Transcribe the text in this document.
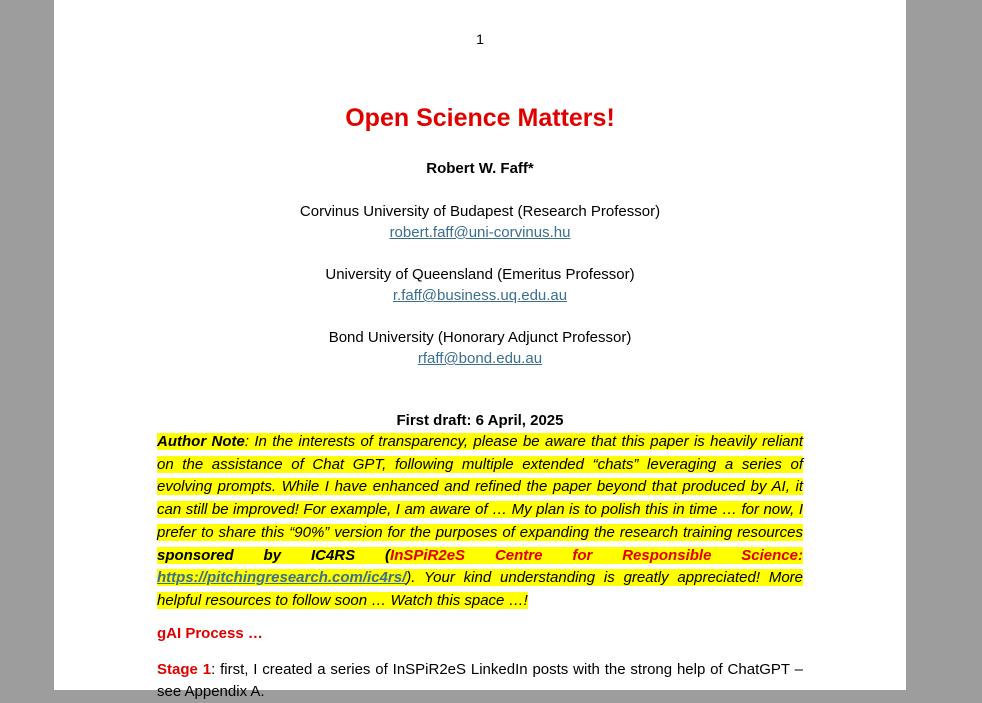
1
Open Science Matters!
Robert W. Faff*
Corvinus University of Budapest (Research Professor)
robert.faff@uni-corvinus.hu
University of Queensland (Emeritus Professor)
r.faff@business.uq.edu.au
Bond University (Honorary Adjunct Professor)
rfaff@bond.edu.au
First draft: 6 April, 2025
Author Note: In the interests of transparency, please be aware that this paper is heavily reliant on the assistance of Chat GPT, following multiple extended “chats” leveraging a series of evolving prompts. While I have enhanced and refined the paper beyond that produced by AI, it can still be improved! For example, I am aware of … My plan is to polish this in time … for now, I prefer to share this “90%” version for the purposes of expanding the research training resources sponsored by IC4RS (InSPiR2eS Centre for Responsible Science: https://pitchingresearch.com/ic4rs/). Your kind understanding is greatly appreciated! More helpful resources to follow soon … Watch this space …!
gAI Process …
Stage 1: first, I created a series of InSPiR2eS LinkedIn posts with the strong help of ChatGPT – see Appendix A.
